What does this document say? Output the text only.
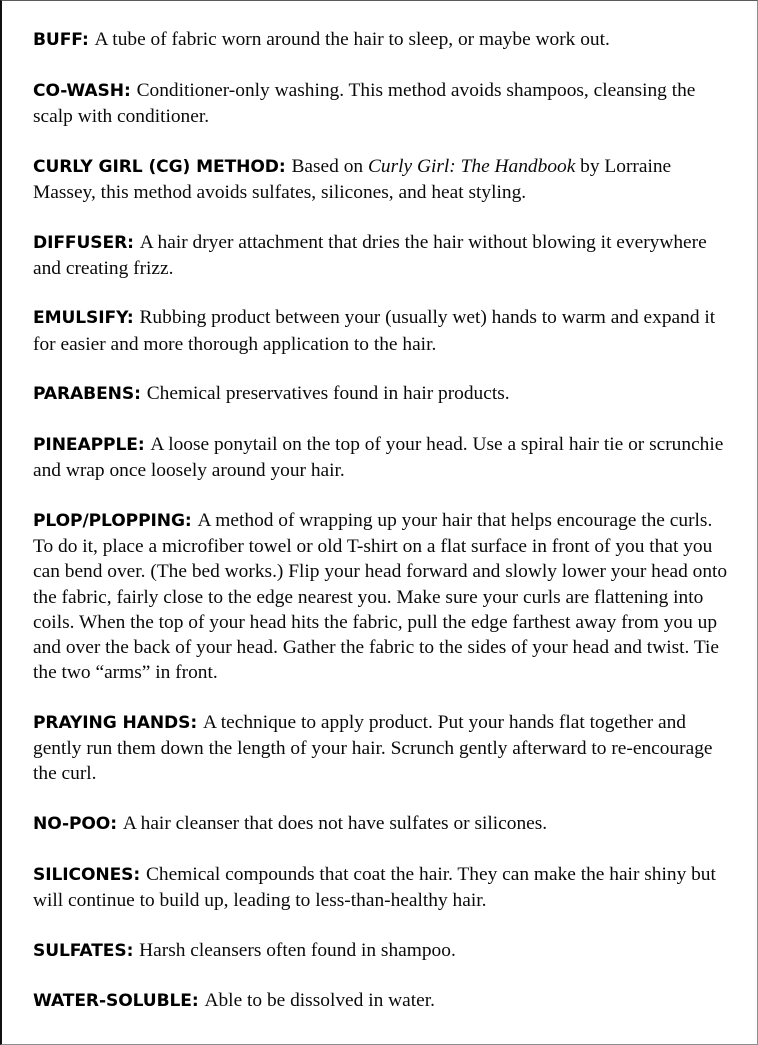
BUFF: A tube of fabric worn around the hair to sleep, or maybe work out.

CO-WASH: Conditioner-only washing. This method avoids shampoos, cleansing the scalp with conditioner.

CURLY GIRL (CG) METHOD: Based on Curly Girl: The Handbook by Lorraine Massey, this method avoids sulfates, silicones, and heat styling.

DIFFUSER: A hair dryer attachment that dries the hair without blowing it everywhere and creating frizz.

EMULSIFY: Rubbing product between your (usually wet) hands to warm and expand it for easier and more thorough application to the hair.

PARABENS: Chemical preservatives found in hair products.

PINEAPPLE: A loose ponytail on the top of your head. Use a spiral hair tie or scrunchie and wrap once loosely around your hair.

PLOP/PLOPPING: A method of wrapping up your hair that helps encourage the curls. To do it, place a microfiber towel or old T-shirt on a flat surface in front of you that you can bend over. (The bed works.) Flip your head forward and slowly lower your head onto the fabric, fairly close to the edge nearest you. Make sure your curls are flattening into coils. When the top of your head hits the fabric, pull the edge farthest away from you up and over the back of your head. Gather the fabric to the sides of your head and twist. Tie the two “arms” in front.

PRAYING HANDS: A technique to apply product. Put your hands flat together and gently run them down the length of your hair. Scrunch gently afterward to re-encourage the curl.

NO-POO: A hair cleanser that does not have sulfates or silicones.

SILICONES: Chemical compounds that coat the hair. They can make the hair shiny but will continue to build up, leading to less-than-healthy hair.

SULFATES: Harsh cleansers often found in shampoo.

WATER-SOLUBLE: Able to be dissolved in water.
